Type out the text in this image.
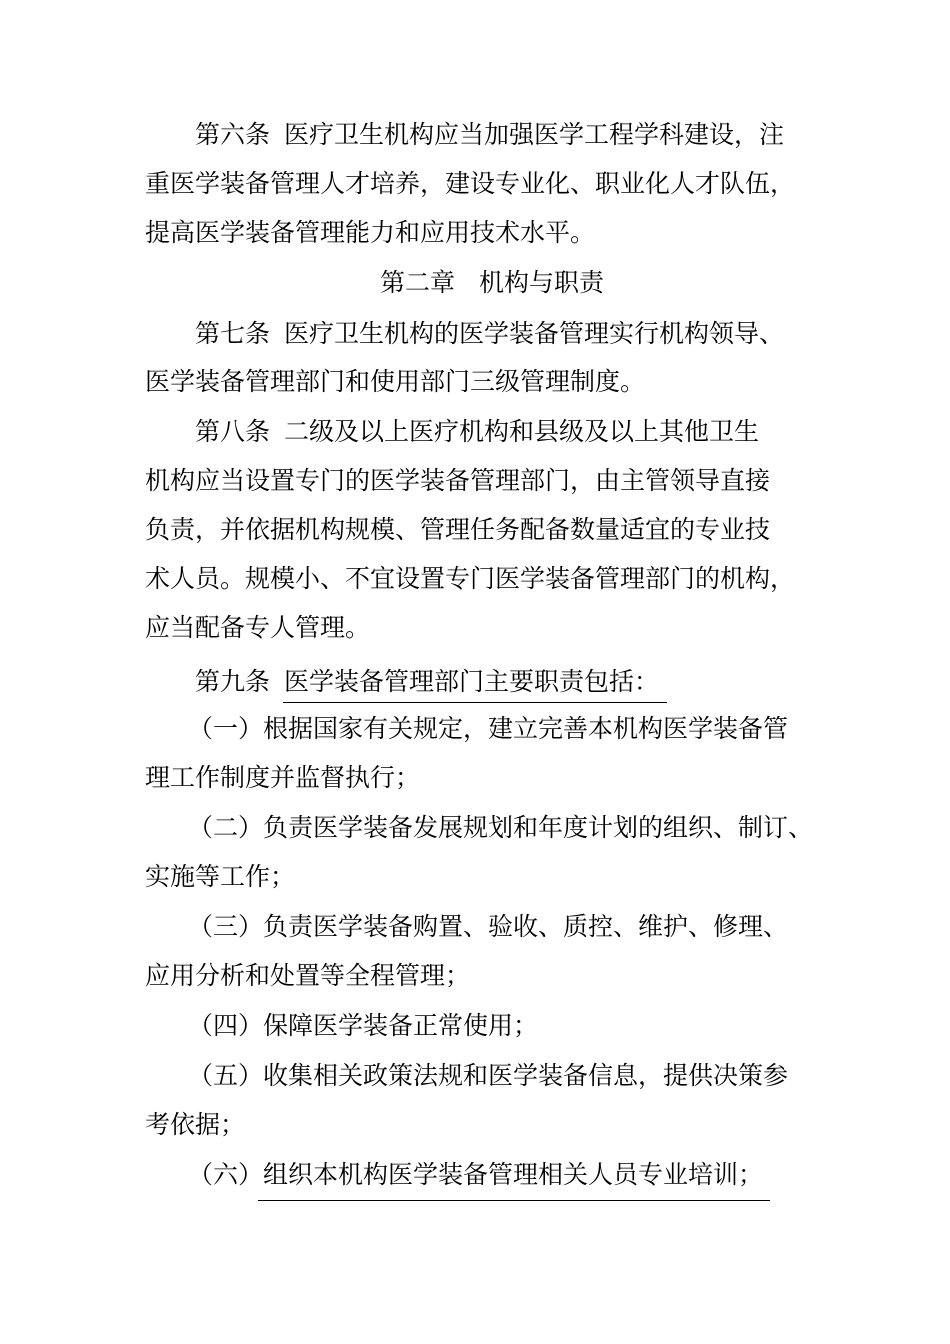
第六条 医疗卫生机构应当加强医学工程学科建设，注
重医学装备管理人才培养，建设专业化、职业化人才队伍，
提高医学装备管理能力和应用技术水平。
第二章 机构与职责
第七条 医疗卫生机构的医学装备管理实行机构领导、
医学装备管理部门和使用部门三级管理制度。
第八条 二级及以上医疗机构和县级及以上其他卫生
机构应当设置专门的医学装备管理部门，由主管领导直接
负责，并依据机构规模、管理任务配备数量适宜的专业技
术人员。规模小、不宜设置专门医学装备管理部门的机构，
应当配备专人管理。
第九条 医学装备管理部门主要职责包括：
（一）根据国家有关规定，建立完善本机构医学装备管
理工作制度并监督执行；
（二）负责医学装备发展规划和年度计划的组织、制订、
实施等工作；
（三）负责医学装备购置、验收、质控、维护、修理、
应用分析和处置等全程管理；
（四）保障医学装备正常使用；
（五）收集相关政策法规和医学装备信息，提供决策参
考依据；
（六）组织本机构医学装备管理相关人员专业培训；
